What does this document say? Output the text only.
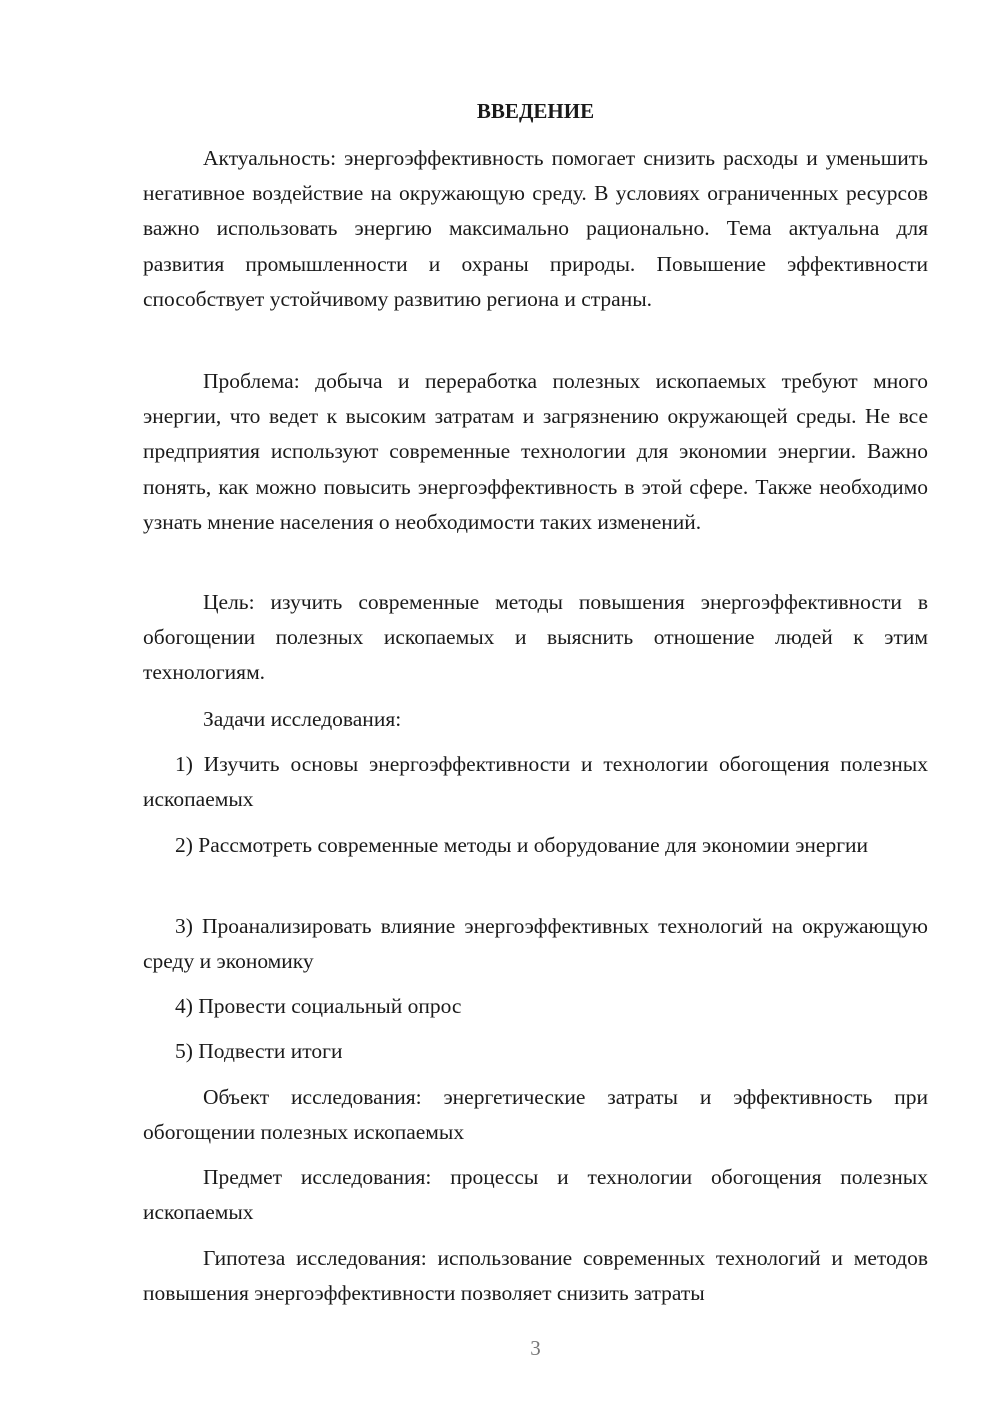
ВВЕДЕНИЕ

Актуальность: энергоэффективность помогает снизить расходы и уменьшить негативное воздействие на окружающую среду. В условиях ограниченных ресурсов важно использовать энергию максимально рационально. Тема актуальна для развития промышленности и охраны природы. Повышение эффективности способствует устойчивому развитию региона и страны.

Проблема: добыча и переработка полезных ископаемых требуют много энергии, что ведет к высоким затратам и загрязнению окружающей среды. Не все предприятия используют современные технологии для экономии энергии. Важно понять, как можно повысить энергоэффективность в этой сфере. Также необходимо узнать мнение населения о необходимости таких изменений.

Цель: изучить современные методы повышения энергоэффективности в обогощении полезных ископаемых и выяснить отношение людей к этим технологиям.

Задачи исследования:

1) Изучить основы энергоэффективности и технологии обогощения полезных ископаемых

2) Рассмотреть современные методы и оборудование для экономии энергии

3) Проанализировать влияние энергоэффективных технологий на окружающую среду и экономику

4) Провести социальный опрос

5) Подвести итоги

Объект исследования: энергетические затраты и эффективность при обогощении полезных ископаемых

Предмет исследования: процессы и технологии обогощения полезных ископаемых

Гипотеза исследования: использование современных технологий и методов повышения энергоэффективности позволяет снизить затраты

3
